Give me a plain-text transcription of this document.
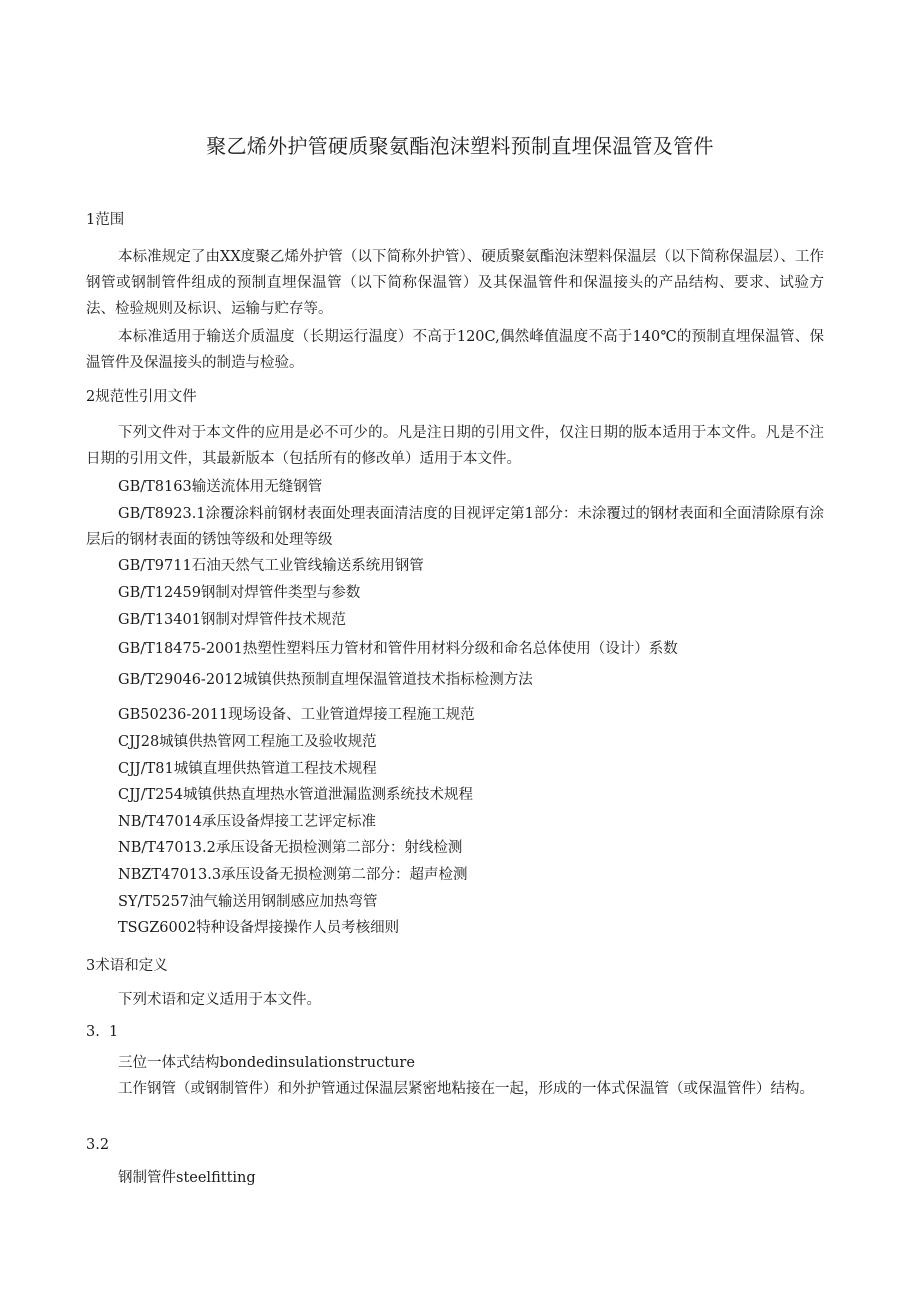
聚乙烯外护管硬质聚氨酯泡沫塑料预制直埋保温管及管件
1范围
本标准规定了由XX度聚乙烯外护管（以下简称外护管）、硬质聚氨酯泡沫塑料保温层（以下简称保温层）、工作钢管或钢制管件组成的预制直埋保温管（以下简称保温管）及其保温管件和保温接头的产品结构、要求、试验方法、检验规则及标识、运输与贮存等。
本标准适用于输送介质温度（长期运行温度）不高于120C,偶然峰值温度不高于140℃的预制直埋保温管、保温管件及保温接头的制造与检验。
2规范性引用文件
下列文件对于本文件的应用是必不可少的。凡是注日期的引用文件，仅注日期的版本适用于本文件。凡是不注日期的引用文件，其最新版本（包括所有的修改单）适用于本文件。
GB/T8163输送流体用无缝钢管
GB/T8923.1涂覆涂料前钢材表面处理表面清洁度的目视评定第1部分：未涂覆过的钢材表面和全面清除原有涂层后的钢材表面的锈蚀等级和处理等级
GB/T9711石油天然气工业管线输送系统用钢管
GB/T12459钢制对焊管件类型与参数
GB/T13401钢制对焊管件技术规范
GB/T18475-2001热塑性塑料压力管材和管件用材料分级和命名总体使用（设计）系数
GB/T29046-2012城镇供热预制直埋保温管道技术指标检测方法
GB50236-2011现场设备、工业管道焊接工程施工规范
CJJ28城镇供热管网工程施工及验收规范
CJJ/T81城镇直埋供热管道工程技术规程
CJJ/T254城镇供热直埋热水管道泄漏监测系统技术规程
NB/T47014承压设备焊接工艺评定标准
NB/T47013.2承压设备无损检测第二部分：射线检测
NBZT47013.3承压设备无损检测第二部分：超声检测
SY/T5257油气输送用钢制感应加热弯管
TSGZ6002特种设备焊接操作人员考核细则
3术语和定义
下列术语和定义适用于本文件。
3.  1
三位一体式结构bondedinsulationstructure
工作钢管（或钢制管件）和外护管通过保温层紧密地粘接在一起，形成的一体式保温管（或保温管件）结构。
3.2
钢制管件steelfitting
